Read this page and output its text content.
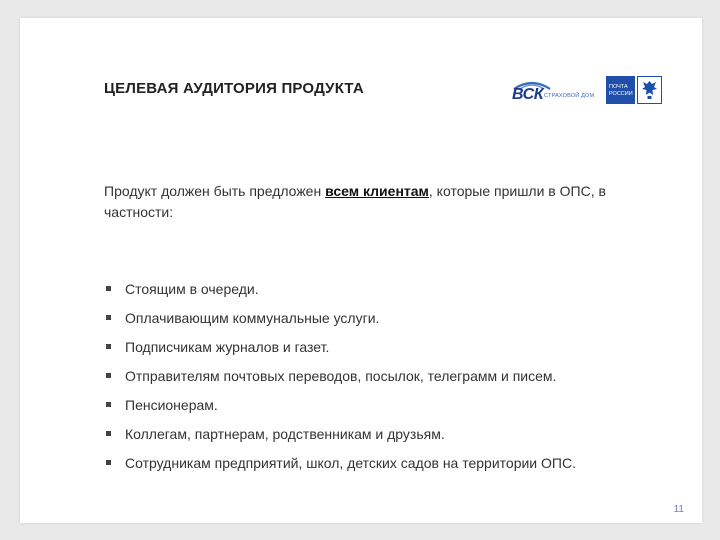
ЦЕЛЕВАЯ АУДИТОРИЯ ПРОДУКТА	ВСК СТРАХОВОЙ ДОМ
ПОЧТА
РОССИИ

Продукт должен быть предложен всем клиентам, которые пришли в ОПС, в частности:

Стоящим в очереди.
Оплачивающим коммунальные услуги.
Подписчикам журналов и газет.
Отправителям почтовых переводов, посылок, телеграмм и писем.
Пенсионерам.
Коллегам, партнерам, родственникам и друзьям.
Сотрудникам предприятий, школ, детских садов на территории ОПС.
11
